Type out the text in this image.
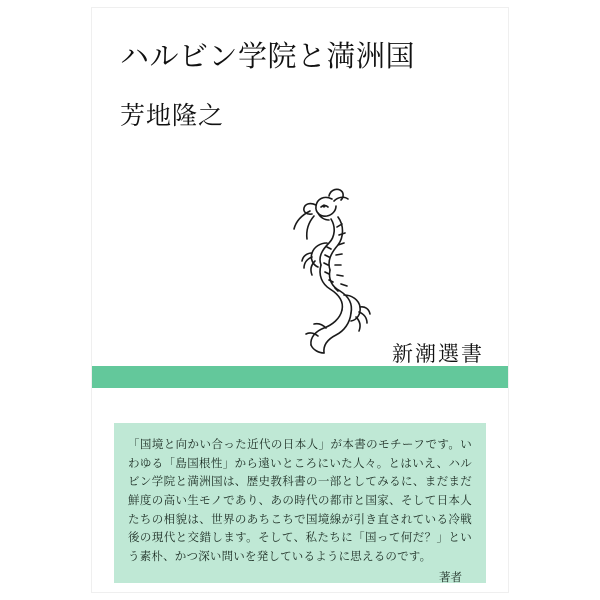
ハルビン学院と満洲国
芳地隆之
新潮選書

「国境と向かい合った近代の日本人」が本書のモチーフです。いわゆる「島国根性」から遠いところにいた人々。とはいえ、ハルビン学院と満洲国は、歴史教科書の一部としてみるに、まだまだ鮮度の高い生モノであり、あの時代の都市と国家、そして日本人たちの相貌は、世界のあちこちで国境線が引き直されている冷戦後の現代と交錯します。そして、私たちに「国って何だ？」という素朴、かつ深い問いを発しているように思えるのです。

著者
